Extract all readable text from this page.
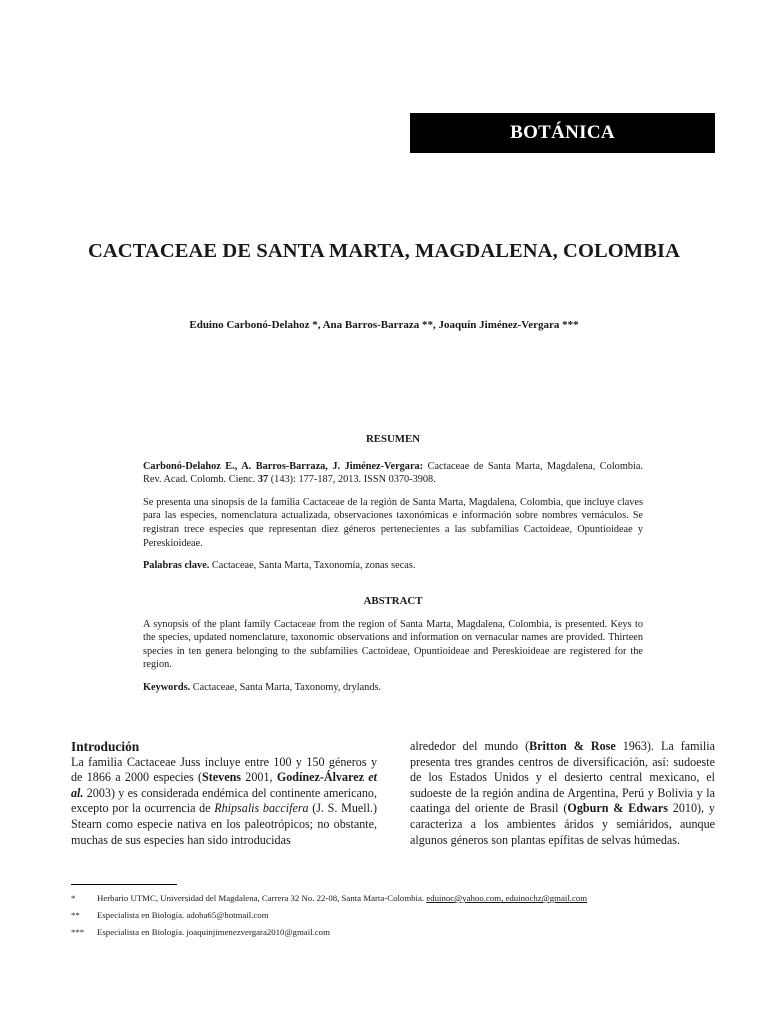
BOTÁNICA
CACTACEAE DE SANTA MARTA, MAGDALENA, COLOMBIA

Eduino Carbonó-Delahoz *, Ana Barros-Barraza **, Joaquín Jiménez-Vergara ***

RESUMEN

Carbonó-Delahoz E., A. Barros-Barraza, J. Jiménez-Vergara: Cactaceae de Santa Marta, Magdalena, Colombia. Rev. Acad. Colomb. Cienc. 37 (143): 177-187, 2013. ISSN 0370-3908.

Se presenta una sinopsis de la familia Cactaceae de la región de Santa Marta, Magdalena, Colombia, que incluye claves para las especies, nomenclatura actualizada, observaciones taxonómicas e información sobre nombres vernáculos. Se registran trece especies que representan diez géneros pertenecientes a las subfamilias Cactoideae, Opuntioideae y Pereskioideae.

Palabras clave. Cactaceae, Santa Marta, Taxonomía, zonas secas.

ABSTRACT

A synopsis of the plant family Cactaceae from the region of Santa Marta, Magdalena, Colombia, is presented. Keys to the species, updated nomenclature, taxonomic observations and information on vernacular names are provided. Thirteen species in ten genera belonging to the subfamilies Cactoideae, Opuntioideae and Pereskioideae are registered for the region.

Keywords. Cactaceae, Santa Marta, Taxonomy, drylands.

Introdución

La familia Cactaceae Juss incluye entre 100 y 150 géneros y de 1866 a 2000 especies (Stevens 2001, Godínez-Álvarez et al. 2003) y es considerada endémica del continente americano, excepto por la ocurrencia de Rhipsalis baccifera (J. S. Muell.) Stearn como especie nativa en los paleotrópicos; no obstante, muchas de sus especies han sido introducidas

alrededor del mundo (Britton & Rose 1963). La familia presenta tres grandes centros de diversificación, así: sudoeste de los Estados Unidos y el desierto central mexicano, el sudoeste de la región andina de Argentina, Perú y Bolivia y la caatinga del oriente de Brasil (Ogburn & Edwars 2010), y caracteriza a los ambientes áridos y semiáridos, aunque algunos géneros son plantas epífitas de selvas húmedas.

*	Herbario UTMC, Universidad del Magdalena, Carrera 32 No. 22-08, Santa Marta-Colombia. eduinoc@yahoo.com, eduinochz@gmail.com
**	Especialista en Biología. adoba65@hotmail.com
***	Especialista en Biología. joaquinjimenezvergara2010@gmail.com
